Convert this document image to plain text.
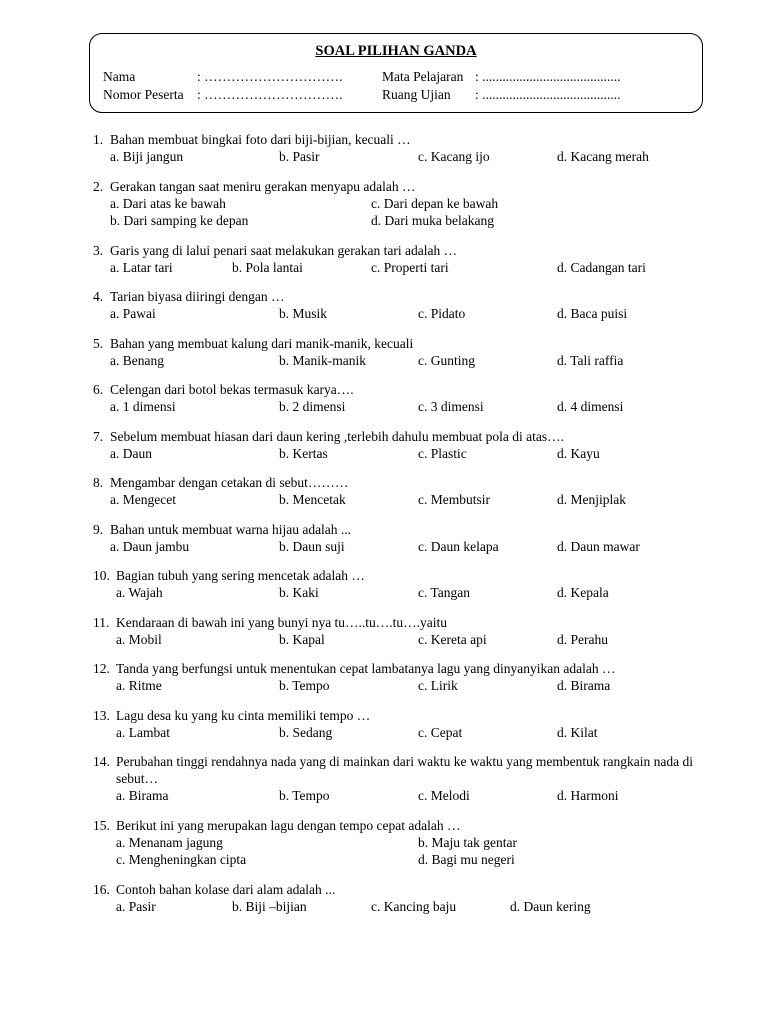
SOAL PILIHAN GANDA
Nama	: ………………………….
Nomor Peserta : ………………………….
Mata Pelajaran : .........................................
Ruang Ujian : .........................................
1. Bahan membuat bingkai foto dari biji-bijian, kecuali …
a. Biji jangun	b. Pasir	c. Kacang ijo	d. Kacang merah
2. Gerakan tangan saat meniru gerakan menyapu adalah …
a. Dari atas ke bawah	c. Dari depan ke bawah
b. Dari samping ke depan	d. Dari muka belakang
3. Garis yang di lalui penari saat melakukan gerakan tari adalah …
a. Latar tari	b. Pola lantai	c. Properti tari	d. Cadangan tari
4. Tarian biyasa diiringi dengan …
a. Pawai	b. Musik	c. Pidato	d. Baca puisi
5. Bahan yang membuat kalung dari manik-manik, kecuali
a. Benang	b. Manik-manik	c. Gunting	d. Tali raffia
6. Celengan dari botol bekas termasuk karya….
a. 1 dimensi	b. 2 dimensi	c. 3 dimensi	d. 4 dimensi
7. Sebelum membuat hiasan dari daun kering ,terlebih dahulu membuat pola di atas….
a. Daun	b. Kertas	c. Plastic	d. Kayu
8. Mengambar dengan cetakan di sebut………
a. Mengecet	b. Mencetak	c. Membutsir	d. Menjiplak
9. Bahan untuk membuat warna hijau adalah ...
a. Daun jambu	b. Daun suji	c. Daun kelapa	d. Daun mawar
10. Bagian tubuh yang sering mencetak adalah …
a. Wajah	b. Kaki	c. Tangan	d. Kepala
11. Kendaraan di bawah ini yang bunyi nya tu…..tu….tu….yaitu
a. Mobil	b. Kapal	c. Kereta api	d. Perahu
12. Tanda yang berfungsi untuk menentukan cepat lambatanya lagu yang dinyanyikan adalah …
a. Ritme	b. Tempo	c. Lirik	d. Birama
13. Lagu desa ku yang ku cinta memiliki tempo …
a. Lambat	b. Sedang	c. Cepat	d. Kilat
14. Perubahan tinggi rendahnya nada yang di mainkan dari waktu ke waktu yang membentuk rangkain nada di sebut…
a. Birama	b. Tempo	c. Melodi	d. Harmoni
15. Berikut ini yang merupakan lagu dengan tempo cepat adalah …
a. Menanam jagung	b. Maju tak gentar
c. Mengheningkan cipta	d. Bagi mu negeri
16. Contoh bahan kolase dari alam adalah ...
a. Pasir	b. Biji –bijian	c. Kancing baju	d. Daun kering
